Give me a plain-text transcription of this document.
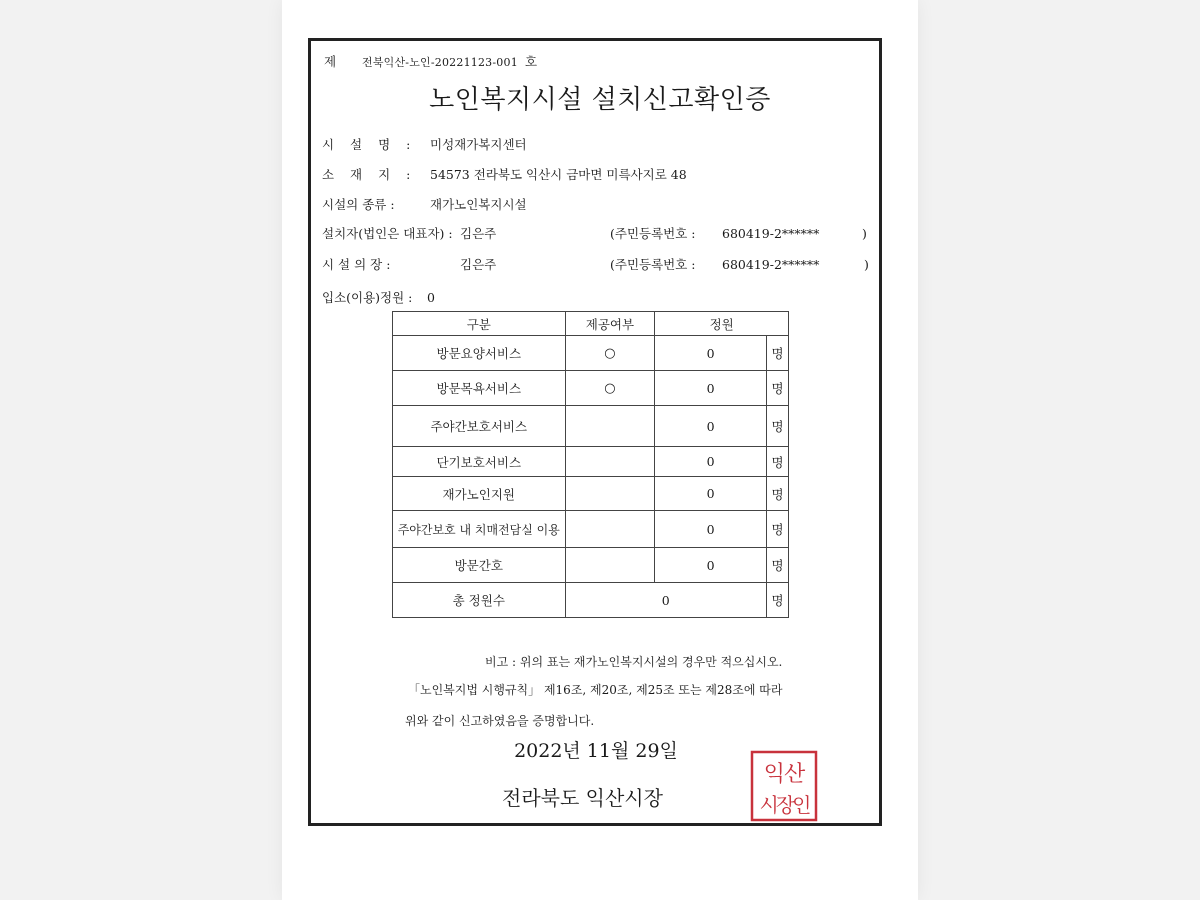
제 전북익산-노인-20221123-001 호
노인복지시설 설치신고확인증
시 설 명 : 미성재가복지센터
소 재 지 : 54573 전라북도 익산시 금마면 미륵사지로 48
시설의 종류 :	재가노인복지시설
설치자(법인은 대표자) : 김은주	(주민등록번호 : 680419-2******	)
시 설 의 장 :	김은주	(주민등록번호 : 680419-2******	)
입소(이용)정원 : 0
구분	제공여부	정원	
방문요양서비스	○	0	명
방문목욕서비스	○	0	명
주야간보호서비스		0	명
단기보호서비스		0	명
재가노인지원		0	명
주야간보호 내 치매전담실 이용		0	명
방문간호		0	명
총 정원수	0		명
비고 : 위의 표는 재가노인복지시설의 경우만 적으십시오.
「노인복지법 시행규칙」 제16조, 제20조, 제25조 또는 제28조에 따라
위와 같이 신고하였음을 증명합니다.
2022년 11월 29일
전라북도 익산시장
익산
시장인
